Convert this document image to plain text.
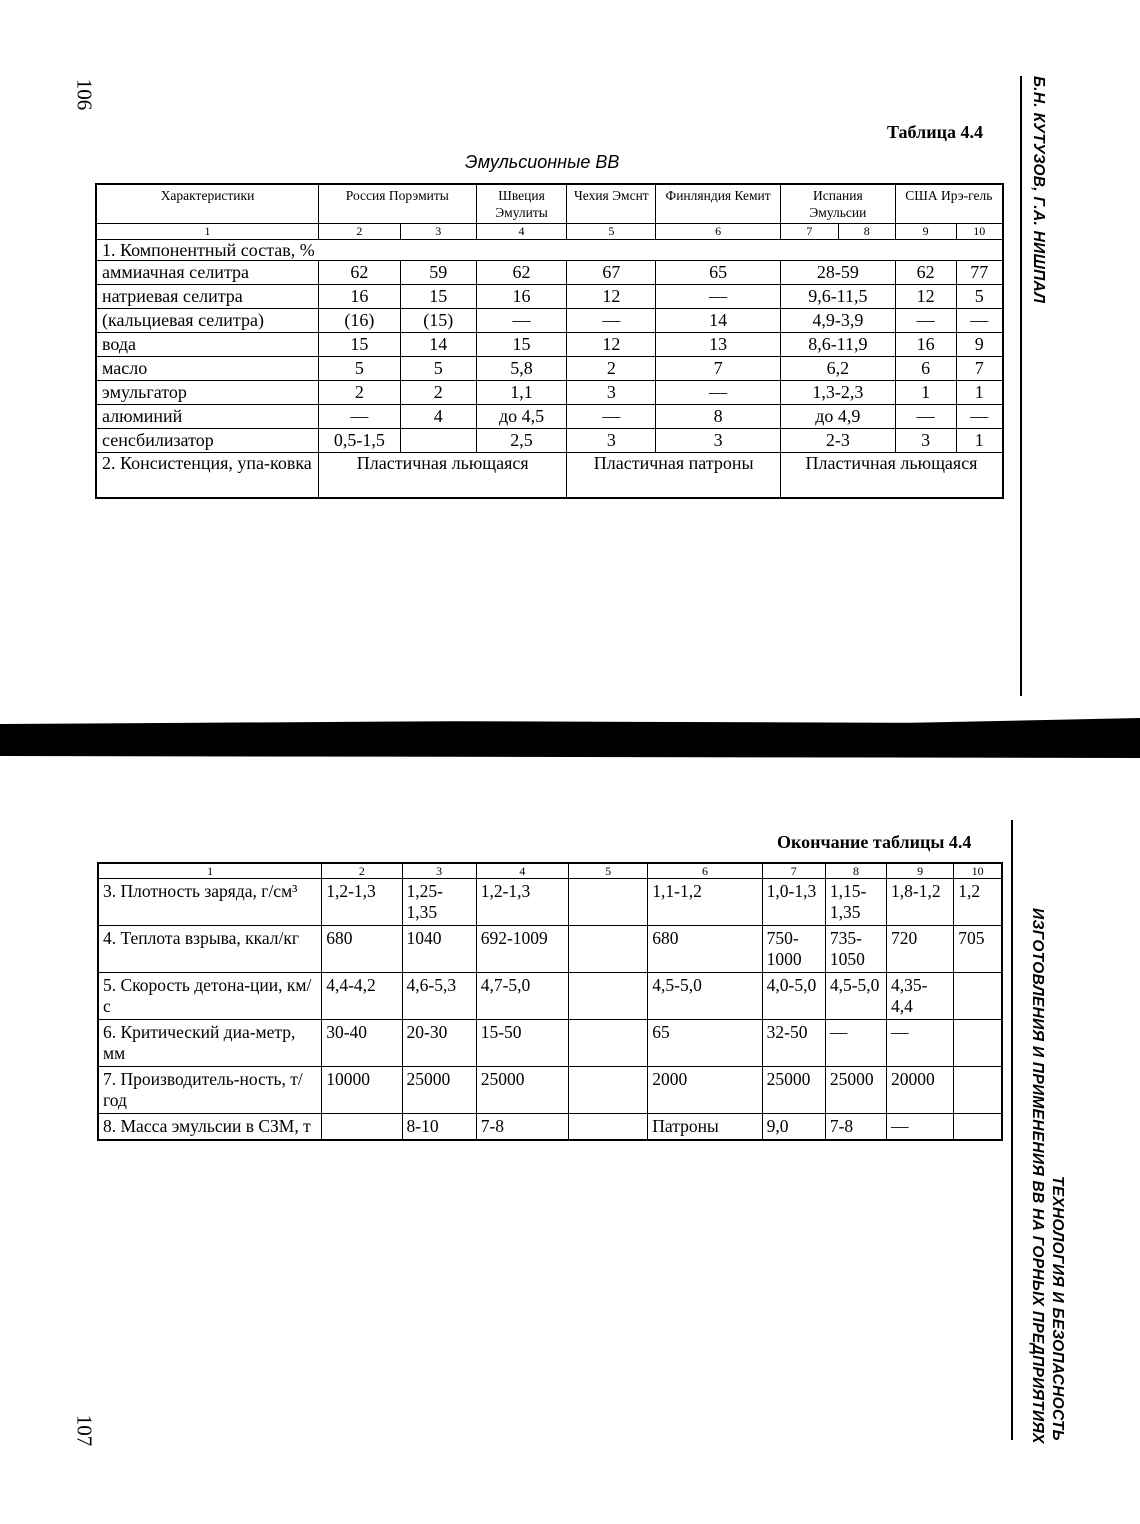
106	Б.Н. КУТУЗОВ, Г.А. НИШПАЛ
Таблица 4.4
Эмульсионные ВВ
Характеристики	Россия Порэмиты		Швеция Эмулиты	Чехия Эмснт	Финляндия Кемит	Испания Эмульсии		США Ирэ-гель	
1	2	3	4	5	6	7	8	9	10
1. Компонентный состав, %									
аммиачная селитра	62	59	62	67	65	28-59		62	77
натриевая селитра	16	15	16	12	—	9,6-11,5		12	5
(кальциевая селитра)	(16)	(15)	—	—	14	4,9-3,9		—	—
вода	15	14	15	12	13	8,6-11,9		16	9
масло	5	5	5,8	2	7	6,2		6	7
эмульгатор	2	2	1,1	3	—	1,3-2,3		1	1
алюминий	—	4	до 4,5	—	8	до 4,9		—	—
сенсбилизатор	0,5-1,5		2,5	3	3	2-3		3	1
2. Консистенция, упа-ковка	Пластичная льющаяся			Пластичная патроны		Пластичная льющаяся			
Окончание таблицы 4.4
ТЕХНОЛОГИЯ И БЕЗОПАСНОСТЬ
ИЗГОТОВЛЕНИЯ И ПРИМЕНЕНИЯ ВВ НА ГОРНЫХ ПРЕДПРИЯТИЯХ
107
1	2	3	4	5	6	7	8	9	10
3. Плотность заряда, г/см³	1,2-1,3	1,25-1,35	1,2-1,3		1,1-1,2	1,0-1,3	1,15-1,35	1,8-1,2	1,2
4. Теплота взрыва, ккал/кг	680	1040	692-1009		680	750-1000	735-1050	720	705
5. Скорость детона-ции, км/с	4,4-4,2	4,6-5,3	4,7-5,0		4,5-5,0	4,0-5,0	4,5-5,0	4,35-4,4	
6. Критический диа-метр, мм	30-40	20-30	15-50		65	32-50	—	—	
7. Производитель-ность, т/год	10000	25000	25000		2000	25000	25000	20000	
8. Масса эмульсии в СЗМ, т		8-10	7-8		Патроны	9,0	7-8	—	
